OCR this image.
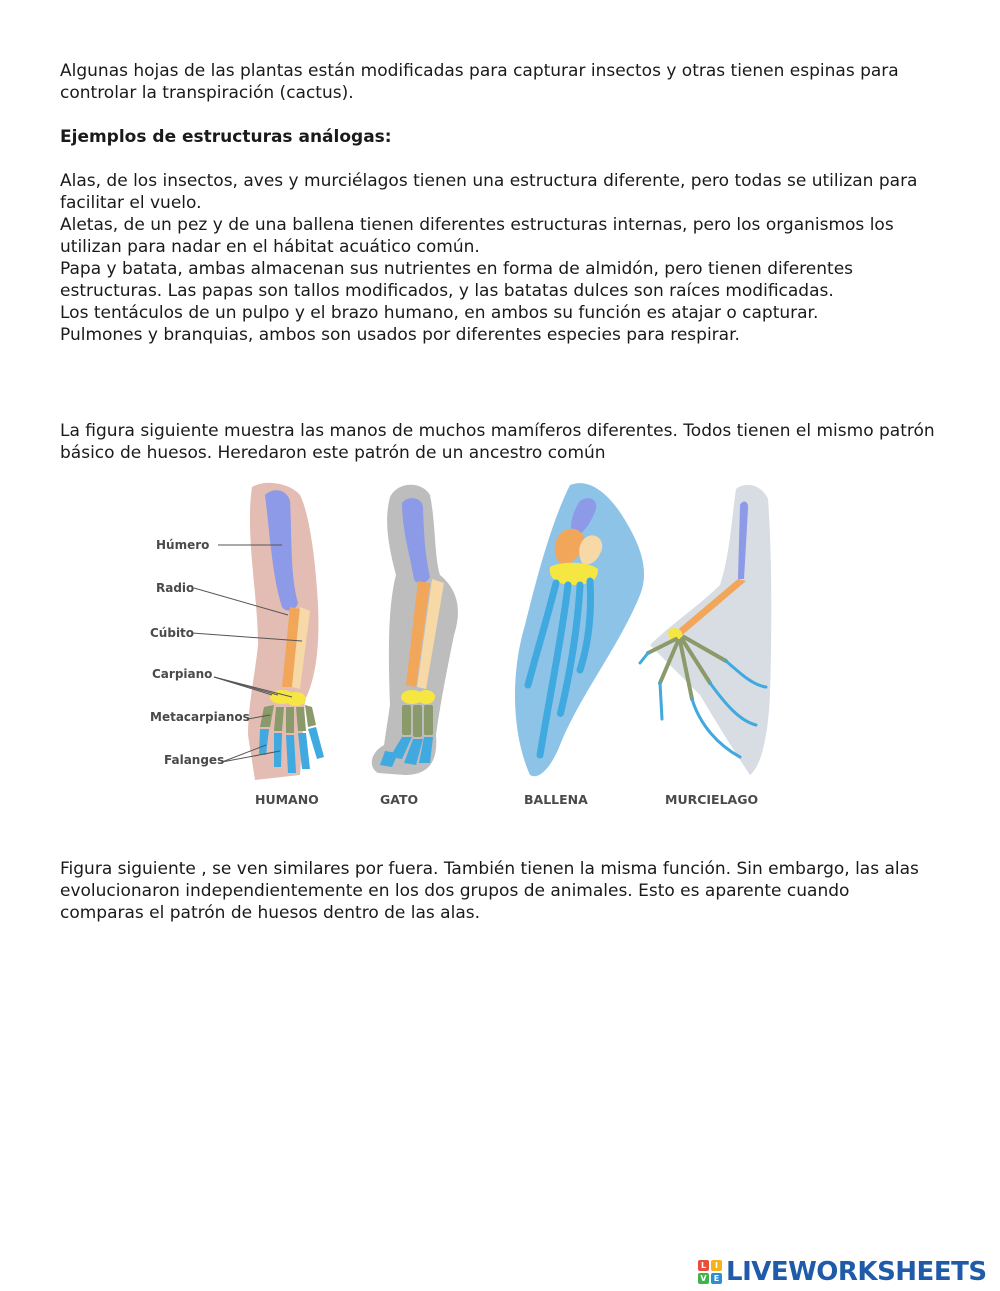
Algunas hojas de las plantas están modificadas para capturar insectos y otras tienen espinas para
controlar la transpiración (cactus).
Ejemplos de estructuras análogas:
Alas, de los insectos, aves y murciélagos tienen una estructura diferente, pero todas se utilizan para
facilitar el vuelo.
Aletas, de un pez y de una ballena tienen diferentes estructuras internas, pero los organismos los
utilizan para nadar en el hábitat acuático común.
Papa y batata, ambas almacenan sus nutrientes en forma de almidón, pero tienen diferentes
estructuras. Las papas son tallos modificados, y las batatas dulces son raíces modificadas.
Los tentáculos de un pulpo y el brazo humano, en ambos su función es atajar o capturar.
Pulmones y branquias, ambos son usados por diferentes especies para respirar.
La figura siguiente muestra las manos de muchos mamíferos diferentes. Todos tienen el mismo patrón
básico de huesos. Heredaron este patrón de un ancestro común
Húmero
Radio
Cúbito
Carpiano
Metacarpianos
Falanges
HUMANO	GATO	BALLENA	MURCIELAGO
Figura siguiente , se ven similares por fuera. También tienen la misma función. Sin embargo, las alas
evolucionaron independientemente en los dos grupos de animales. Esto es aparente cuando
comparas el patrón de huesos dentro de las alas.
L	I
V E LIVEWORKSHEETS
